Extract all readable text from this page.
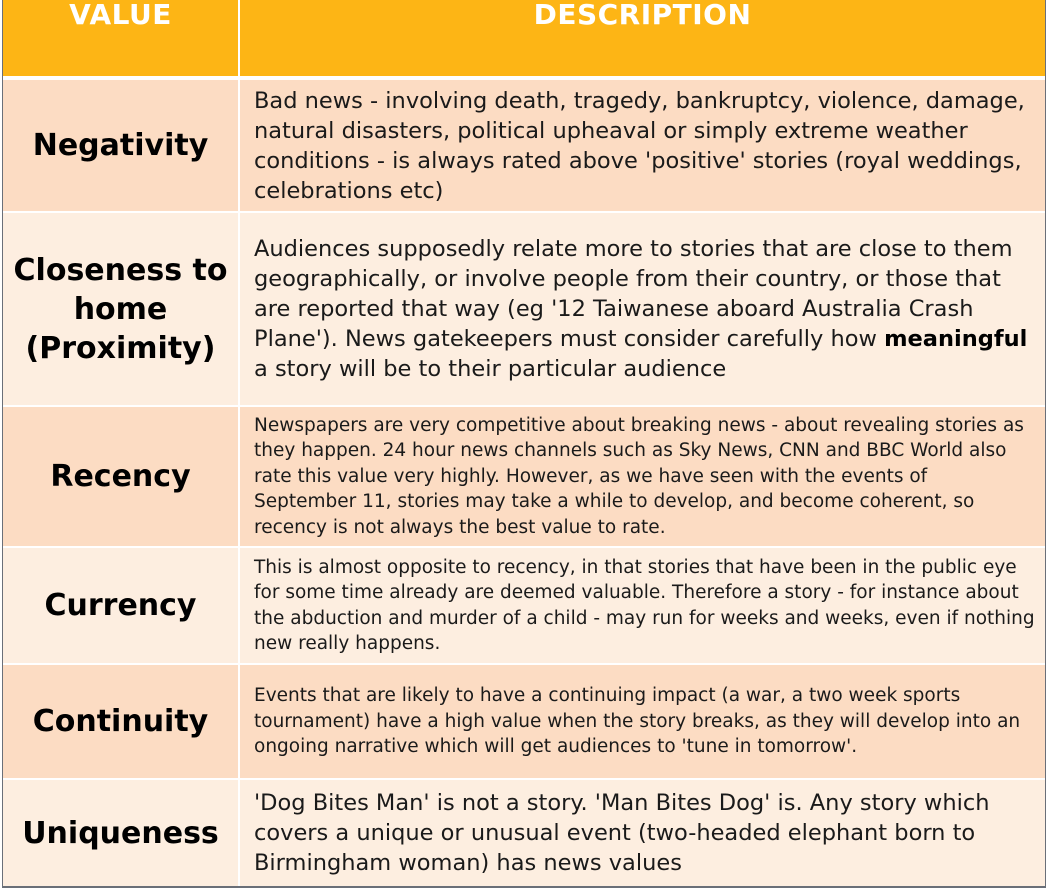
VALUE	DESCRIPTION
Negativity	Bad news - involving death, tragedy, bankruptcy, violence, damage, natural disasters, political upheaval or simply extreme weather conditions - is always rated above 'positive' stories (royal weddings, celebrations etc)
Closeness to home (Proximity)	Audiences supposedly relate more to stories that are close to them geographically, or involve people from their country, or those that are reported that way (eg '12 Taiwanese aboard Australia Crash Plane'). News gatekeepers must consider carefully how meaningful a story will be to their particular audience
Recency	Newspapers are very competitive about breaking news - about revealing stories as they happen. 24 hour news channels such as Sky News, CNN and BBC World also rate this value very highly. However, as we have seen with the events of September 11, stories may take a while to develop, and become coherent, so recency is not always the best value to rate.
Currency	This is almost opposite to recency, in that stories that have been in the public eye for some time already are deemed valuable. Therefore a story - for instance about the abduction and murder of a child - may run for weeks and weeks, even if nothing new really happens.
Continuity	Events that are likely to have a continuing impact (a war, a two week sports tournament) have a high value when the story breaks, as they will develop into an ongoing narrative which will get audiences to 'tune in tomorrow'.
Uniqueness	'Dog Bites Man' is not a story. 'Man Bites Dog' is. Any story which covers a unique or unusual event (two-headed elephant born to Birmingham woman) has news values
